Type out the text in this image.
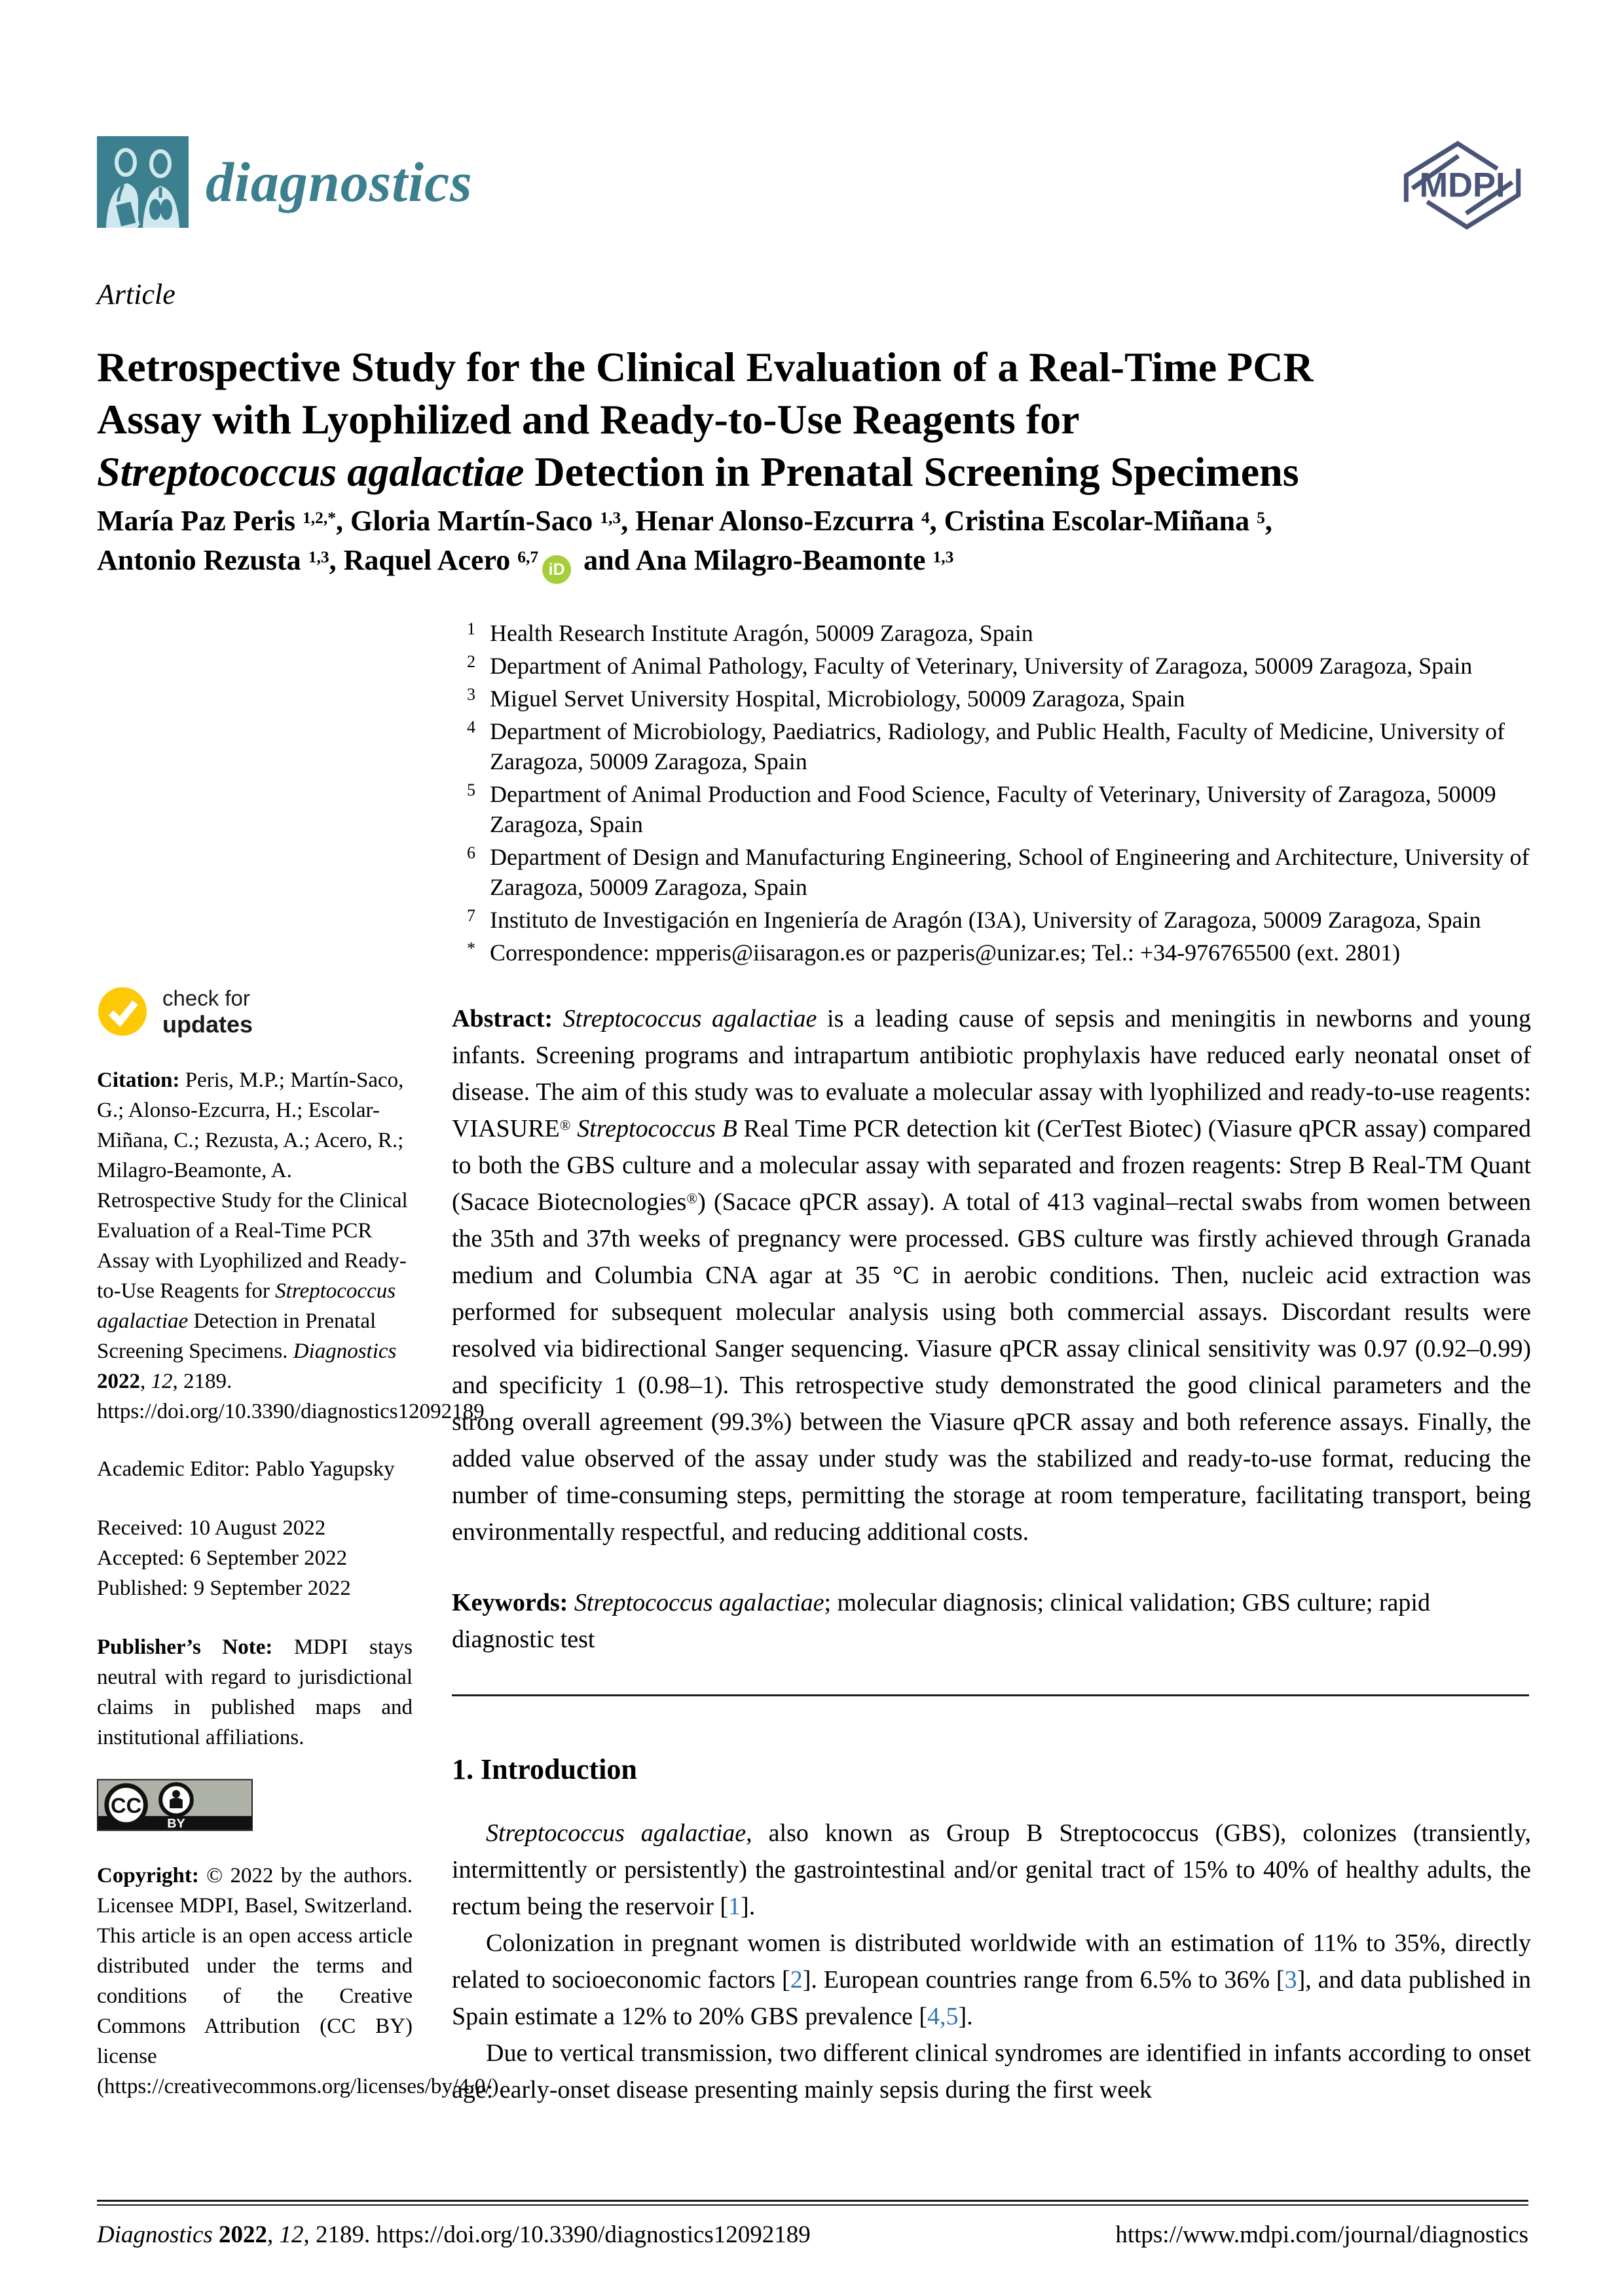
diagnostics	MDPI
Article
Retrospective Study for the Clinical Evaluation of a Real-Time PCR
Assay with Lyophilized and Ready-to-Use Reagents for
Streptococcus agalactiae Detection in Prenatal Screening Specimens
María Paz Peris $^{1,2,*}$, Gloria Martín-Saco $^{1,3}$, Henar Alonso-Ezcurra $^4$, Cristina Escolar-Miñana $^5$,
Antonio Rezusta $^{1,3}$, Raquel Acero $^{6,7}$iD and Ana Milagro-Beamonte $^{1,3}$
1 Health Research Institute Aragón, 50009 Zaragoza, Spain
2 Department of Animal Pathology, Faculty of Veterinary, University of Zaragoza, 50009 Zaragoza, Spain
3 Miguel Servet University Hospital, Microbiology, 50009 Zaragoza, Spain
4 Department of Microbiology, Paediatrics, Radiology, and Public Health, Faculty of Medicine, University of Zaragoza, 50009 Zaragoza, Spain
5 Department of Animal Production and Food Science, Faculty of Veterinary, University of Zaragoza, 50009 Zaragoza, Spain
6 Department of Design and Manufacturing Engineering, School of Engineering and Architecture, University of Zaragoza, 50009 Zaragoza, Spain
7 Instituto de Investigación en Ingeniería de Aragón (I3A), University of Zaragoza, 50009 Zaragoza, Spain
* Correspondence: mpperis@iisaragon.es or pazperis@unizar.es; Tel.: +34-976765500 (ext. 2801)
Abstract: Streptococcus agalactiae is a leading cause of sepsis and meningitis in newborns and young infants. Screening programs and intrapartum antibiotic prophylaxis have reduced early neonatal onset of disease. The aim of this study was to evaluate a molecular assay with lyophilized and ready-to-use reagents: VIASURE® Streptococcus B Real Time PCR detection kit (CerTest Biotec) (Viasure qPCR assay) compared to both the GBS culture and a molecular assay with separated and frozen reagents: Strep B Real-TM Quant (Sacace Biotecnologies®) (Sacace qPCR assay). A total of 413 vaginal–rectal swabs from women between the 35th and 37th weeks of pregnancy were processed. GBS culture was firstly achieved through Granada medium and Columbia CNA agar at 35 °C in aerobic conditions. Then, nucleic acid extraction was performed for subsequent molecular analysis using both commercial assays. Discordant results were resolved via bidirectional Sanger sequencing. Viasure qPCR assay clinical sensitivity was 0.97 (0.92–0.99) and specificity 1 (0.98–1). This retrospective study demonstrated the good clinical parameters and the strong overall agreement (99.3%) between the Viasure qPCR assay and both reference assays. Finally, the added value observed of the assay under study was the stabilized and ready-to-use format, reducing the number of time-consuming steps, permitting the storage at room temperature, facilitating transport, being environmentally respectful, and reducing additional costs.
Keywords: Streptococcus agalactiae; molecular diagnosis; clinical validation; GBS culture; rapid diagnostic test
1. Introduction

Streptococcus agalactiae, also known as Group B Streptococcus (GBS), colonizes (transiently, intermittently or persistently) the gastrointestinal and/or genital tract of 15% to 40% of healthy adults, the rectum being the reservoir [1].

Colonization in pregnant women is distributed worldwide with an estimation of 11% to 35%, directly related to socioeconomic factors [2]. European countries range from 6.5% to 36% [3], and data published in Spain estimate a 12% to 20% GBS prevalence [4,5].

Due to vertical transmission, two different clinical syndromes are identified in infants according to onset age: early-onset disease presenting mainly sepsis during the first week

check for
updates
Citation: Peris, M.P.; Martín-Saco, G.; Alonso-Ezcurra, H.; Escolar-Miñana, C.; Rezusta, A.; Acero, R.; Milagro-Beamonte, A. Retrospective Study for the Clinical Evaluation of a Real-Time PCR Assay with Lyophilized and Ready-to-Use Reagents for Streptococcus agalactiae Detection in Prenatal Screening Specimens. Diagnostics 2022, 12, 2189. https://doi.org/10.3390/diagnostics12092189
Academic Editor: Pablo Yagupsky
Received: 10 August 2022
Accepted: 6 September 2022
Published: 9 September 2022
Publisher’s Note: MDPI stays neutral with regard to jurisdictional claims in published maps and institutional affiliations.
CC
BY
Copyright: © 2022 by the authors. Licensee MDPI, Basel, Switzerland. This article is an open access article distributed under the terms and conditions of the Creative Commons Attribution (CC BY) license (https://creativecommons.org/licenses/by/4.0/).
Diagnostics 2022, 12, 2189. https://doi.org/10.3390/diagnostics12092189	https://www.mdpi.com/journal/diagnostics
